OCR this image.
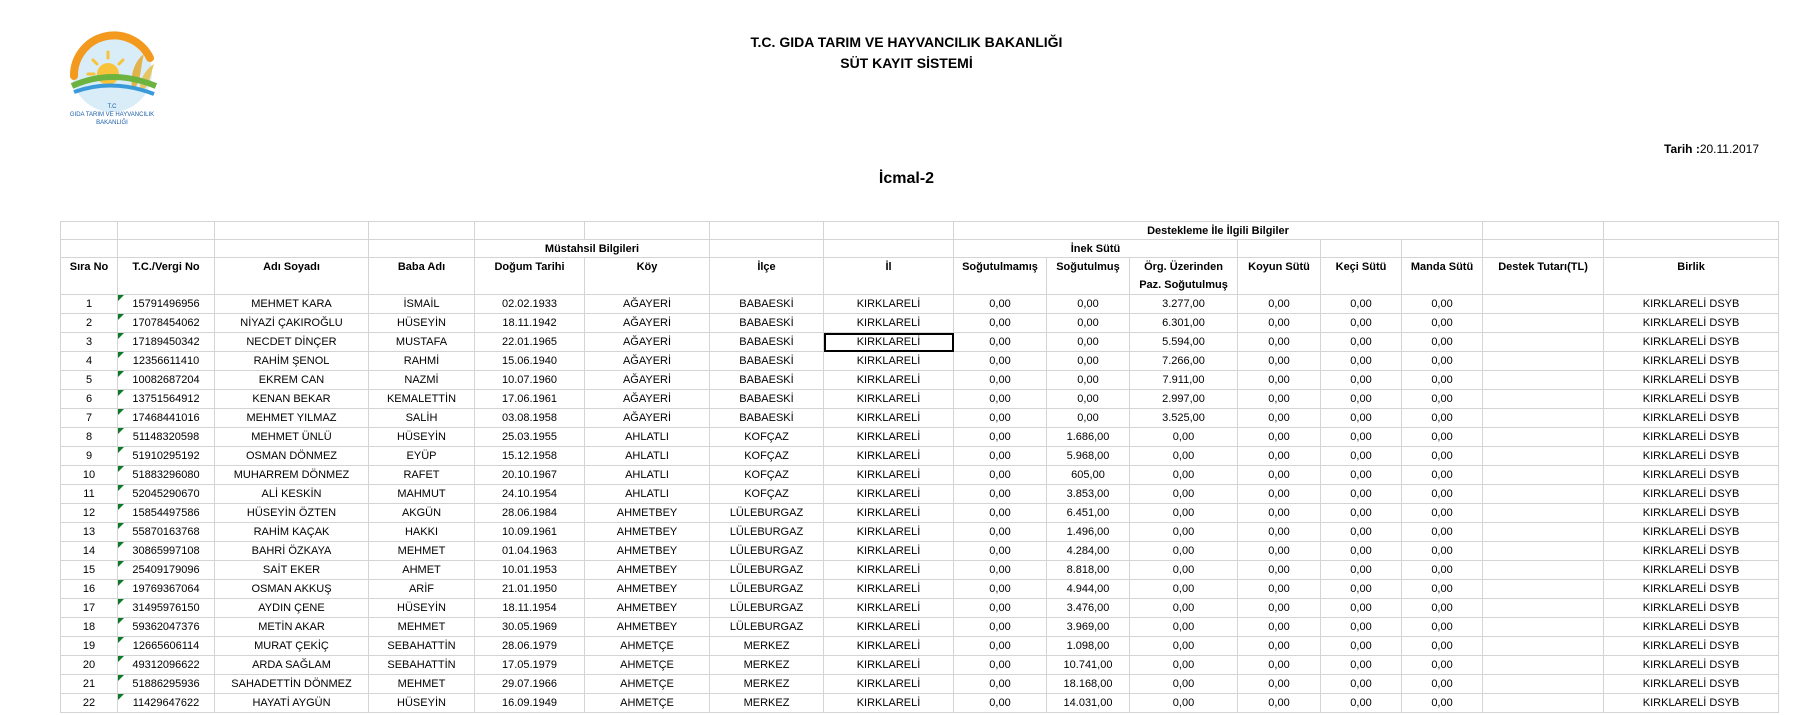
T.C
GIDA TARIM VE HAYVANCILIK
BAKANLIĞI
T.C. GIDA TARIM VE HAYVANCILIK BAKANLIĞI
SÜT KAYIT SİSTEMİ
Tarih :20.11.2017
İcmal-2
								Destekleme İle İlgili Bilgiler							
				Müstahsil Bilgileri				İnek Sütü							
Sıra No	T.C./Vergi No	Adı Soyadı	Baba Adı	Doğum Tarihi	Köy	İlçe	İl	Soğutulmamış	Soğutulmuş	Örg. Üzerinden Paz. Soğutulmuş	Koyun Sütü	Keçi Sütü	Manda Sütü	Destek Tutarı(TL)	Birlik
1	15791496956	MEHMET KARA	İSMAİL	02.02.1933	AĞAYERİ	BABAESKİ	KIRKLARELİ	0,00	0,00	3.277,00	0,00	0,00	0,00		KIRKLARELİ DSYB
2	17078454062	NİYAZİ ÇAKIROĞLU	HÜSEYİN	18.11.1942	AĞAYERİ	BABAESKİ	KIRKLARELİ	0,00	0,00	6.301,00	0,00	0,00	0,00		KIRKLARELİ DSYB
3	17189450342	NECDET DİNÇER	MUSTAFA	22.01.1965	AĞAYERİ	BABAESKİ	KIRKLARELİ	0,00	0,00	5.594,00	0,00	0,00	0,00		KIRKLARELİ DSYB
4	12356611410	RAHİM ŞENOL	RAHMİ	15.06.1940	AĞAYERİ	BABAESKİ	KIRKLARELİ	0,00	0,00	7.266,00	0,00	0,00	0,00		KIRKLARELİ DSYB
5	10082687204	EKREM CAN	NAZMİ	10.07.1960	AĞAYERİ	BABAESKİ	KIRKLARELİ	0,00	0,00	7.911,00	0,00	0,00	0,00		KIRKLARELİ DSYB
6	13751564912	KENAN BEKAR	KEMALETTİN	17.06.1961	AĞAYERİ	BABAESKİ	KIRKLARELİ	0,00	0,00	2.997,00	0,00	0,00	0,00		KIRKLARELİ DSYB
7	17468441016	MEHMET YILMAZ	SALİH	03.08.1958	AĞAYERİ	BABAESKİ	KIRKLARELİ	0,00	0,00	3.525,00	0,00	0,00	0,00		KIRKLARELİ DSYB
8	51148320598	MEHMET ÜNLÜ	HÜSEYİN	25.03.1955	AHLATLI	KOFÇAZ	KIRKLARELİ	0,00	1.686,00	0,00	0,00	0,00	0,00		KIRKLARELİ DSYB
9	51910295192	OSMAN DÖNMEZ	EYÜP	15.12.1958	AHLATLI	KOFÇAZ	KIRKLARELİ	0,00	5.968,00	0,00	0,00	0,00	0,00		KIRKLARELİ DSYB
10	51883296080	MUHARREM DÖNMEZ	RAFET	20.10.1967	AHLATLI	KOFÇAZ	KIRKLARELİ	0,00	605,00	0,00	0,00	0,00	0,00		KIRKLARELİ DSYB
11	52045290670	ALİ KESKİN	MAHMUT	24.10.1954	AHLATLI	KOFÇAZ	KIRKLARELİ	0,00	3.853,00	0,00	0,00	0,00	0,00		KIRKLARELİ DSYB
12	15854497586	HÜSEYİN ÖZTEN	AKGÜN	28.06.1984	AHMETBEY	LÜLEBURGAZ	KIRKLARELİ	0,00	6.451,00	0,00	0,00	0,00	0,00		KIRKLARELİ DSYB
13	55870163768	RAHİM KAÇAK	HAKKI	10.09.1961	AHMETBEY	LÜLEBURGAZ	KIRKLARELİ	0,00	1.496,00	0,00	0,00	0,00	0,00		KIRKLARELİ DSYB
14	30865997108	BAHRİ ÖZKAYA	MEHMET	01.04.1963	AHMETBEY	LÜLEBURGAZ	KIRKLARELİ	0,00	4.284,00	0,00	0,00	0,00	0,00		KIRKLARELİ DSYB
15	25409179096	SAİT EKER	AHMET	10.01.1953	AHMETBEY	LÜLEBURGAZ	KIRKLARELİ	0,00	8.818,00	0,00	0,00	0,00	0,00		KIRKLARELİ DSYB
16	19769367064	OSMAN AKKUŞ	ARİF	21.01.1950	AHMETBEY	LÜLEBURGAZ	KIRKLARELİ	0,00	4.944,00	0,00	0,00	0,00	0,00		KIRKLARELİ DSYB
17	31495976150	AYDIN ÇENE	HÜSEYİN	18.11.1954	AHMETBEY	LÜLEBURGAZ	KIRKLARELİ	0,00	3.476,00	0,00	0,00	0,00	0,00		KIRKLARELİ DSYB
18	59362047376	METİN AKAR	MEHMET	30.05.1969	AHMETBEY	LÜLEBURGAZ	KIRKLARELİ	0,00	3.969,00	0,00	0,00	0,00	0,00		KIRKLARELİ DSYB
19	12665606114	MURAT ÇEKİÇ	SEBAHATTİN	28.06.1979	AHMETÇE	MERKEZ	KIRKLARELİ	0,00	1.098,00	0,00	0,00	0,00	0,00		KIRKLARELİ DSYB
20	49312096622	ARDA SAĞLAM	SEBAHATTİN	17.05.1979	AHMETÇE	MERKEZ	KIRKLARELİ	0,00	10.741,00	0,00	0,00	0,00	0,00		KIRKLARELİ DSYB
21	51886295936	SAHADETTİN DÖNMEZ	MEHMET	29.07.1966	AHMETÇE	MERKEZ	KIRKLARELİ	0,00	18.168,00	0,00	0,00	0,00	0,00		KIRKLARELİ DSYB
22	11429647622	HAYATİ AYGÜN	HÜSEYİN	16.09.1949	AHMETÇE	MERKEZ	KIRKLARELİ	0,00	14.031,00	0,00	0,00	0,00	0,00		KIRKLARELİ DSYB
